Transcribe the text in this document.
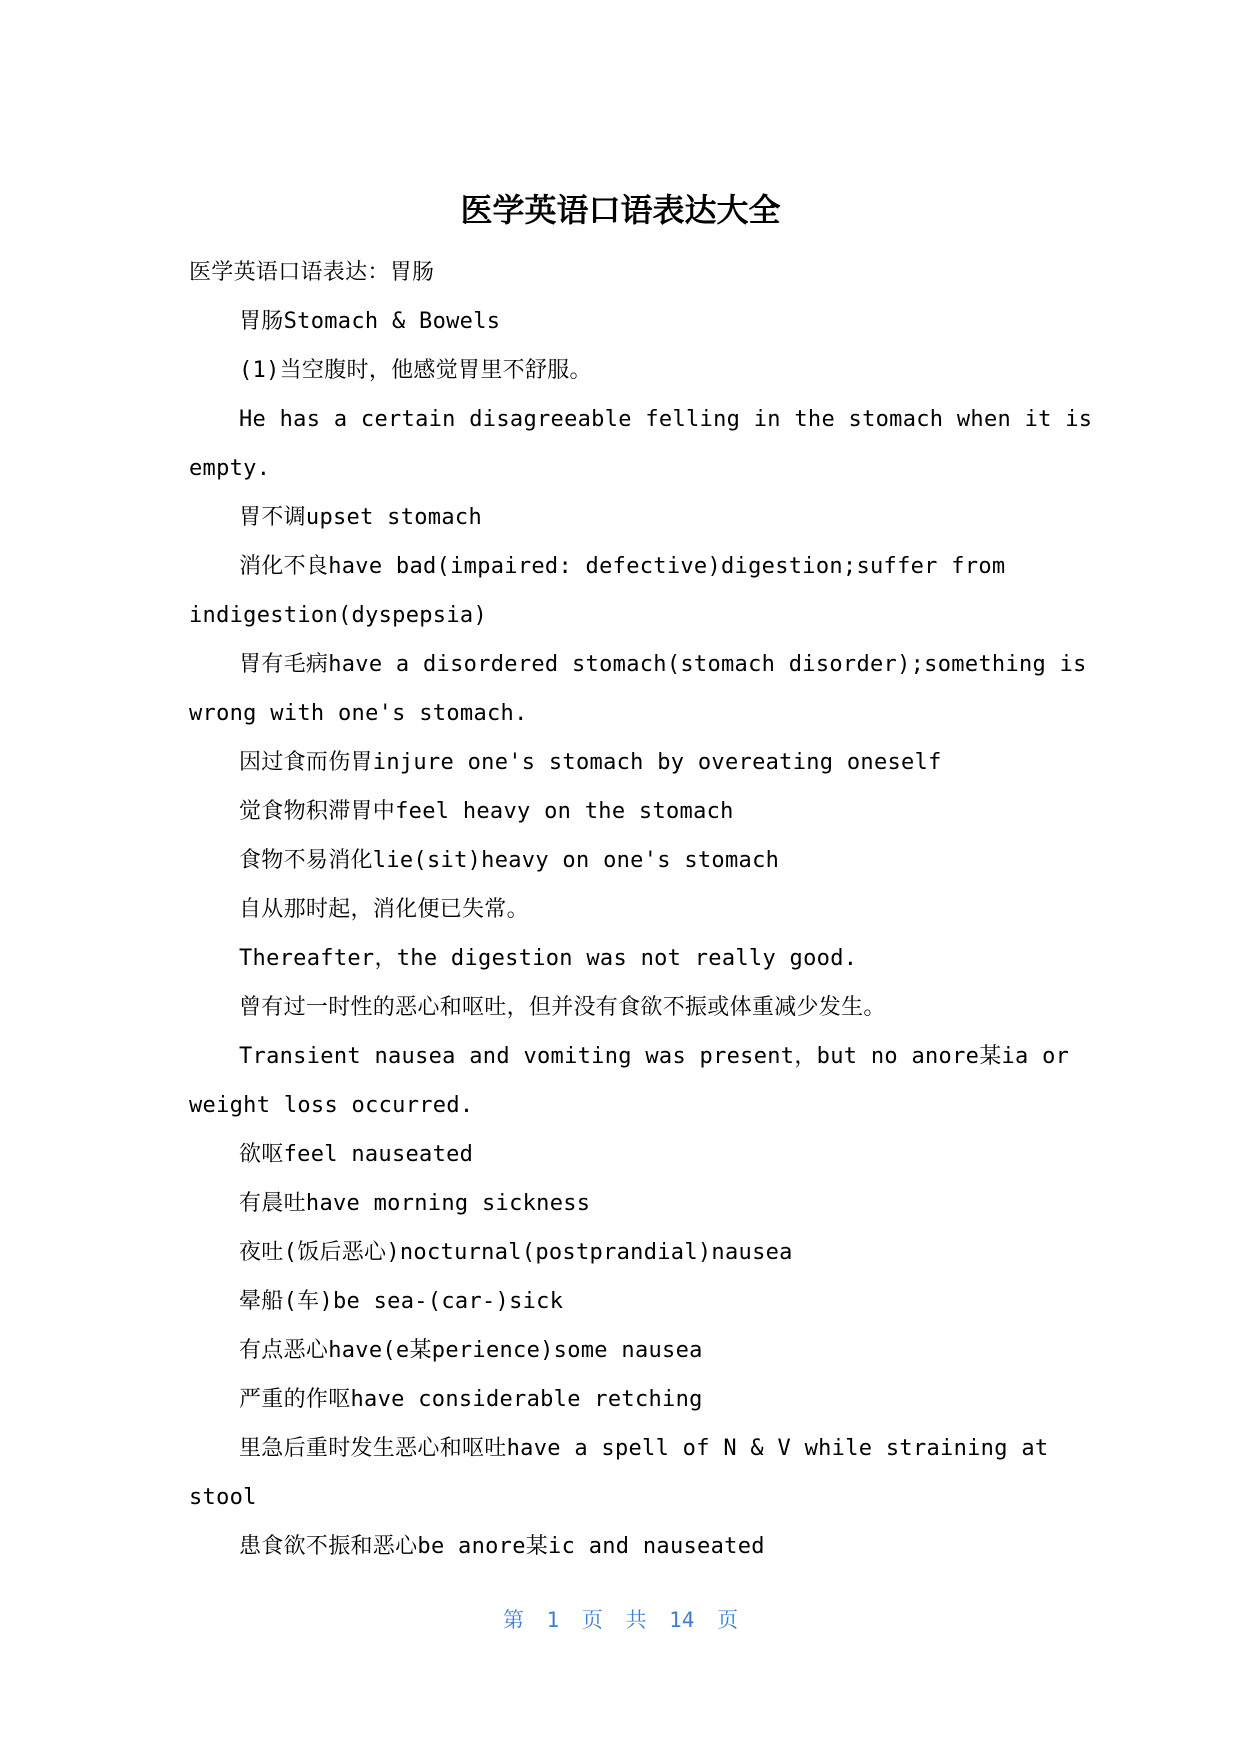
医学英语口语表达大全
医学英语口语表达：胃肠
胃肠Stomach & Bowels
(1)当空腹时，他感觉胃里不舒服。
He has a certain disagreeable felling in the stomach when it is
empty.
胃不调upset stomach
消化不良have bad(impaired: defective)digestion;suffer from
indigestion(dyspepsia)
胃有毛病have a disordered stomach(stomach disorder);something is
wrong with one's stomach.
因过食而伤胃injure one's stomach by overeating oneself
觉食物积滞胃中feel heavy on the stomach
食物不易消化lie(sit)heavy on one's stomach
自从那时起，消化便已失常。
Thereafter，the digestion was not really good.
曾有过一时性的恶心和呕吐，但并没有食欲不振或体重减少发生。
Transient nausea and vomiting was present，but no anore某ia or
weight loss occurred.
欲呕feel nauseated
有晨吐have morning sickness
夜吐(饭后恶心)nocturnal(postprandial)nausea
晕船(车)be sea-(car-)sick
有点恶心have(e某perience)some nausea
严重的作呕have considerable retching
里急后重时发生恶心和呕吐have a spell of N & V while straining at
stool
患食欲不振和恶心be anore某ic and nauseated
第 1 页 共 14 页
